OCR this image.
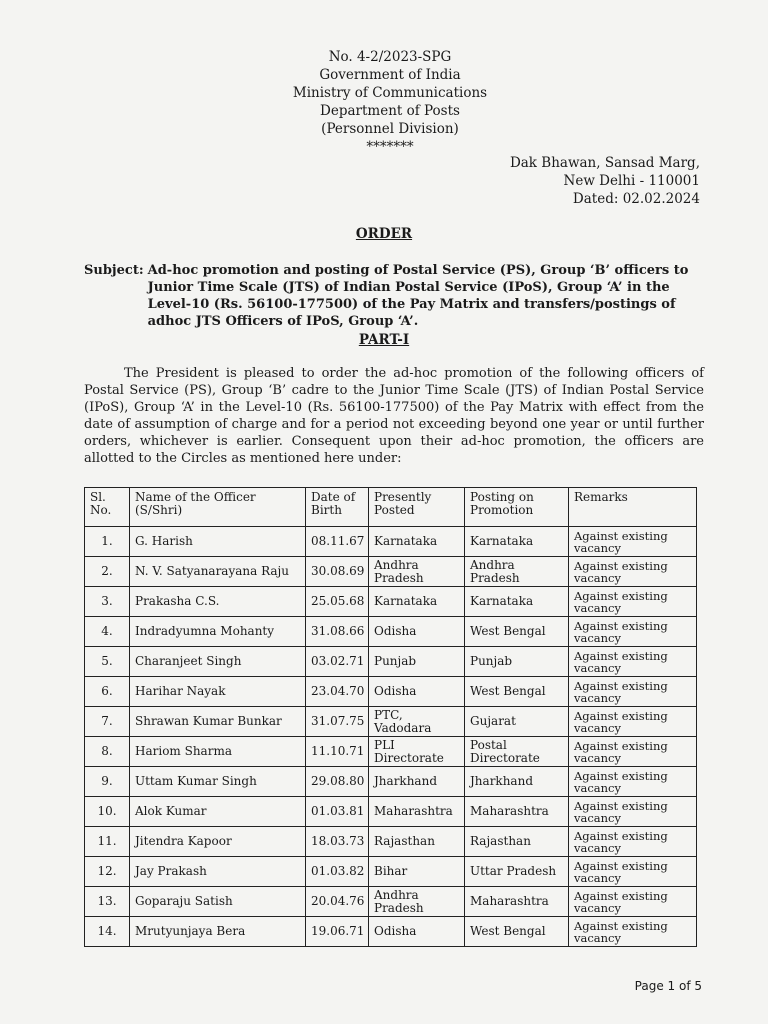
No. 4-2/2023-SPG
Government of India
Ministry of Communications
Department of Posts
(Personnel Division)
*******
Dak Bhawan, Sansad Marg,
New Delhi - 110001
Dated: 02.02.2024
ORDER
Subject: Ad-hoc promotion and posting of Postal Service (PS), Group ‘B’ officers to Junior Time Scale (JTS) of Indian Postal Service (IPoS), Group ‘A’ in the Level-10 (Rs. 56100-177500) of the Pay Matrix and transfers/postings of adhoc JTS Officers of IPoS, Group ‘A’.
PART-I
The President is pleased to order the ad-hoc promotion of the following officers of Postal Service (PS), Group ‘B’ cadre to the Junior Time Scale (JTS) of Indian Postal Service (IPoS), Group ‘A’ in the Level-10 (Rs. 56100-177500) of the Pay Matrix with effect from the date of assumption of charge and for a period not exceeding beyond one year or until further orders, whichever is earlier. Consequent upon their ad-hoc promotion, the officers are allotted to the Circles as mentioned here under:
Sl. No.	Name of the Officer (S/Shri)	Date of Birth	Presently Posted	Posting on Promotion	Remarks
1.	G. Harish	08.11.67	Karnataka	Karnataka	Against existing vacancy
2.	N. V. Satyanarayana Raju	30.08.69	Andhra Pradesh	Andhra Pradesh	Against existing vacancy
3.	Prakasha C.S.	25.05.68	Karnataka	Karnataka	Against existing vacancy
4.	Indradyumna Mohanty	31.08.66	Odisha	West Bengal	Against existing vacancy
5.	Charanjeet Singh	03.02.71	Punjab	Punjab	Against existing vacancy
6.	Harihar Nayak	23.04.70	Odisha	West Bengal	Against existing vacancy
7.	Shrawan Kumar Bunkar	31.07.75	PTC, Vadodara	Gujarat	Against existing vacancy
8.	Hariom Sharma	11.10.71	PLI Directorate	Postal Directorate	Against existing vacancy
9.	Uttam Kumar Singh	29.08.80	Jharkhand	Jharkhand	Against existing vacancy
10.	Alok Kumar	01.03.81	Maharashtra	Maharashtra	Against existing vacancy
11.	Jitendra Kapoor	18.03.73	Rajasthan	Rajasthan	Against existing vacancy
12.	Jay Prakash	01.03.82	Bihar	Uttar Pradesh	Against existing vacancy
13.	Goparaju Satish	20.04.76	Andhra Pradesh	Maharashtra	Against existing vacancy
14.	Mrutyunjaya Bera	19.06.71	Odisha	West Bengal	Against existing vacancy
Page 1 of 5
